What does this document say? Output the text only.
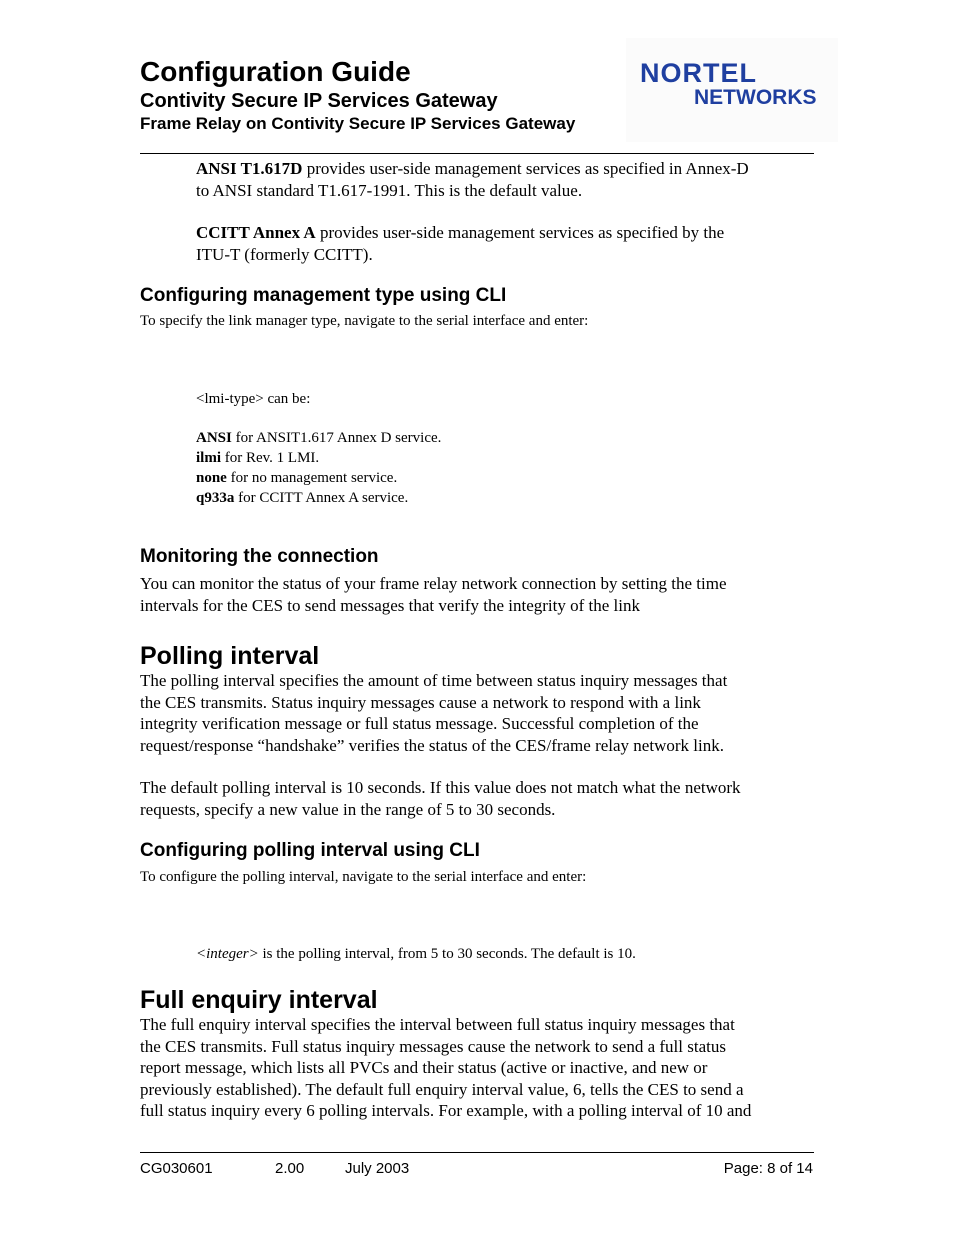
Configuration Guide
Contivity Secure IP Services Gateway
Frame Relay on Contivity Secure IP Services Gateway
NORTEL
NETWORKS
ANSI T1.617D provides user-side management services as specified in Annex-D
to ANSI standard T1.617-1991. This is the default value.
CCITT Annex A provides user-side management services as specified by the
ITU-T (formerly CCITT).
Configuring management type using CLI
To specify the link manager type, navigate to the serial interface and enter:
<lmi-type> can be:
ANSI for ANSIT1.617 Annex D service.
ilmi for Rev. 1 LMI.
none for no management service.
q933a for CCITT Annex A service.
Monitoring the connection
You can monitor the status of your frame relay network connection by setting the time
intervals for the CES to send messages that verify the integrity of the link
Polling interval
The polling interval specifies the amount of time between status inquiry messages that
the CES transmits. Status inquiry messages cause a network to respond with a link
integrity verification message or full status message. Successful completion of the
request/response “handshake” verifies the status of the CES/frame relay network link.
The default polling interval is 10 seconds. If this value does not match what the network
requests, specify a new value in the range of 5 to 30 seconds.
Configuring polling interval using CLI
To configure the polling interval, navigate to the serial interface and enter:
<integer> is the polling interval, from 5 to 30 seconds. The default is 10.
Full enquiry interval
The full enquiry interval specifies the interval between full status inquiry messages that
the CES transmits. Full status inquiry messages cause the network to send a full status
report message, which lists all PVCs and their status (active or inactive, and new or
previously established). The default full enquiry interval value, 6, tells the CES to send a
full status inquiry every 6 polling intervals. For example, with a polling interval of 10 and
CG030601	2.00	July 2003	Page: 8 of 14
